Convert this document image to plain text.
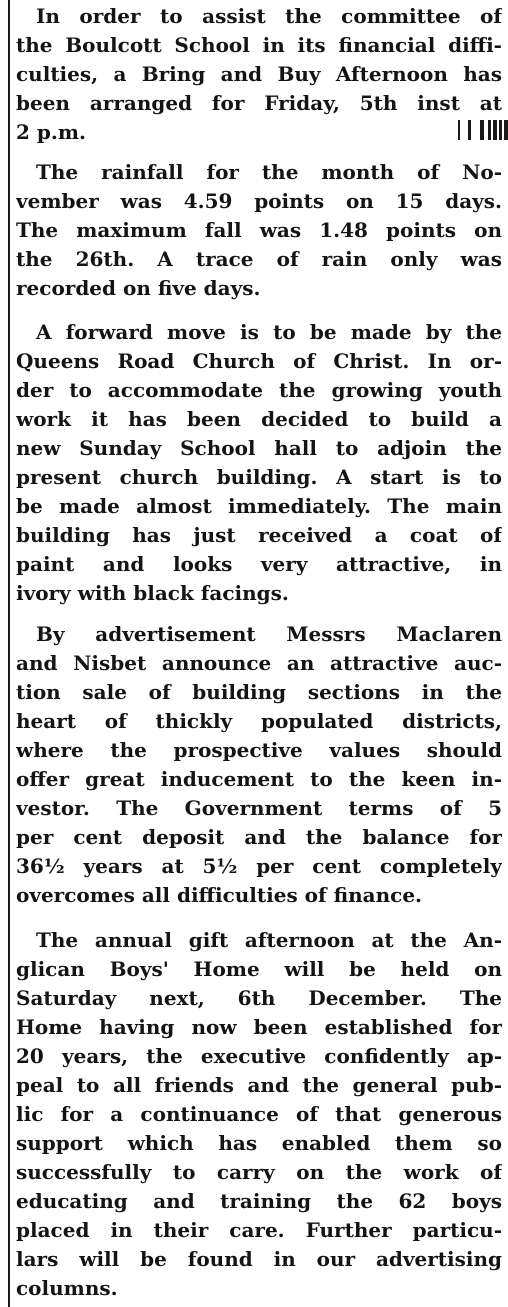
In order to assist the committee of
the Boulcott School in its financial diffi-
culties, a Bring and Buy Afternoon has
been arranged for Friday, 5th inst at
2 p.m.
The rainfall for the month of No-
vember was 4.59 points on 15 days.
The maximum fall was 1.48 points on
the 26th. A trace of rain only was
recorded on five days.
A forward move is to be made by the
Queens Road Church of Christ. In or-
der to accommodate the growing youth
work it has been decided to build a
new Sunday School hall to adjoin the
present church building. A start is to
be made almost immediately. The main
building has just received a coat of
paint and looks very attractive, in
ivory with black facings.
By advertisement Messrs Maclaren
and Nisbet announce an attractive auc-
tion sale of building sections in the
heart of thickly populated districts,
where the prospective values should
offer great inducement to the keen in-
vestor. The Government terms of 5
per cent deposit and the balance for
36½ years at 5½ per cent completely
overcomes all difficulties of finance.
The annual gift afternoon at the An-
glican Boys' Home will be held on
Saturday next, 6th December. The
Home having now been established for
20 years, the executive confidently ap-
peal to all friends and the general pub-
lic for a continuance of that generous
support which has enabled them so
successfully to carry on the work of
educating and training the 62 boys
placed in their care. Further particu-
lars will be found in our advertising
columns.
